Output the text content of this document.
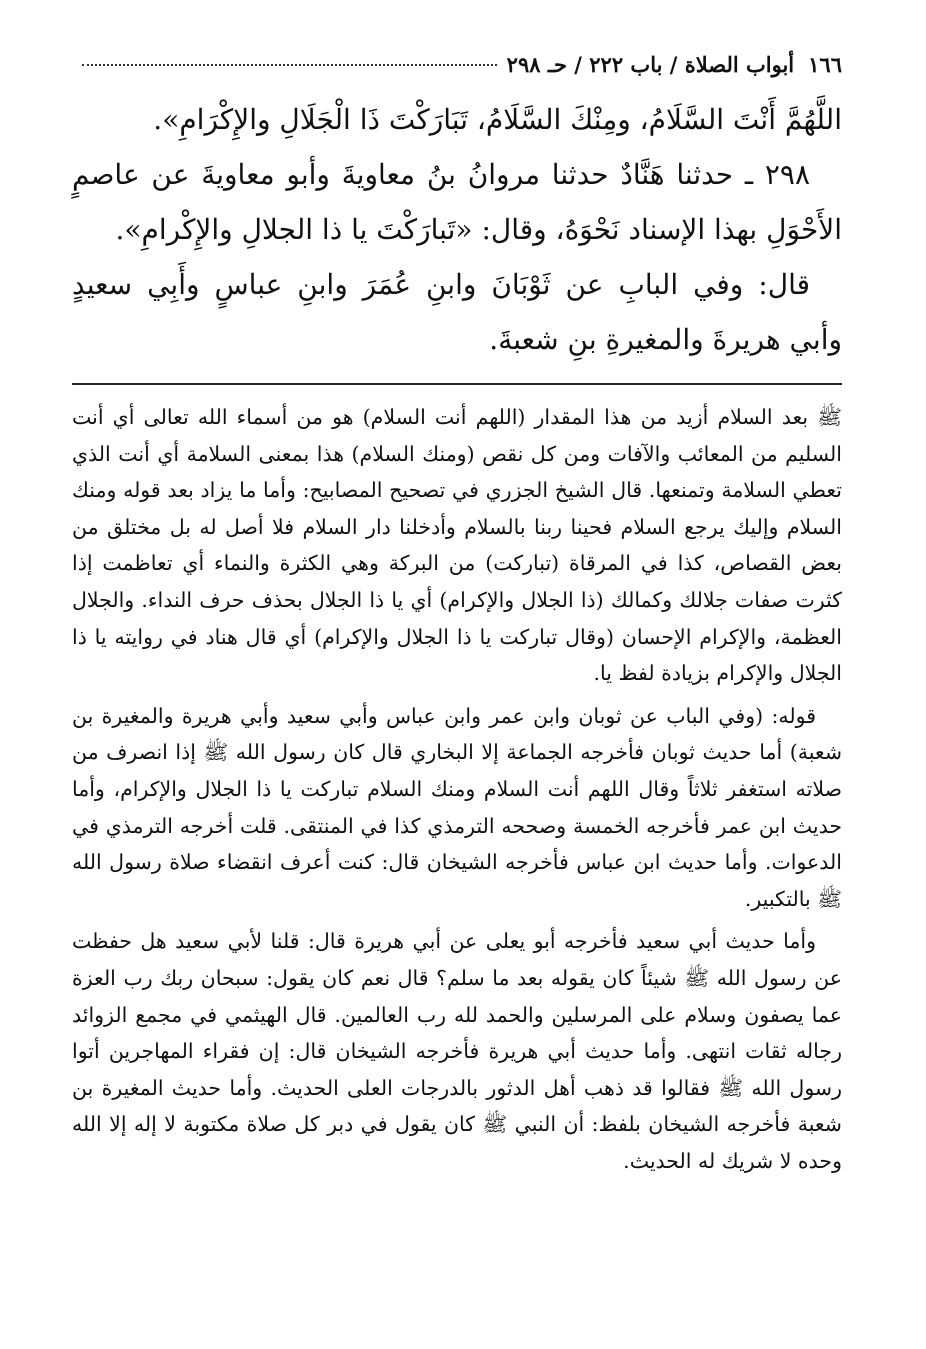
١٦٦
أبواب الصلاة / باب ٢٢٢ / حـ ٢٩٨

اللَّهُمَّ أَنْتَ السَّلَامُ، ومِنْكَ السَّلَامُ، تَبَارَكْتَ ذَا الْجَلَالِ والإِكْرَامِ».

٢٩٨ ـ حدثنا هَنَّادٌ حدثنا مروانُ بنُ معاويةَ وأبو معاويةَ عن عاصمٍ الأَحْوَلِ بهذا الإسناد نَحْوَهُ، وقال: «تَبارَكْتَ يا ذا الجلالِ والإِكْرامِ».

قال: وفي البابِ عن ثَوْبَانَ وابنِ عُمَرَ وابنِ عباسٍ وأَبِي سعيدٍ وأبي هريرةَ والمغيرةِ بنِ شعبةَ.

ﷺ بعد السلام أزيد من هذا المقدار (اللهم أنت السلام) هو من أسماء الله تعالى أي أنت السليم من المعائب والآفات ومن كل نقص (ومنك السلام) هذا بمعنى السلامة أي أنت الذي تعطي السلامة وتمنعها. قال الشيخ الجزري في تصحيح المصابيح: وأما ما يزاد بعد قوله ومنك السلام وإليك يرجع السلام فحينا ربنا بالسلام وأدخلنا دار السلام فلا أصل له بل مختلق من بعض القصاص، كذا في المرقاة (تبارکت) من البركة وهي الكثرة والنماء أي تعاظمت إذا كثرت صفات جلالك وكمالك (ذا الجلال والإكرام) أي يا ذا الجلال بحذف حرف النداء. والجلال العظمة، والإكرام الإحسان (وقال تبارکت یا ذا الجلال والإکرام) أي قال هناد في روايته يا ذا الجلال والإكرام بزيادة لفظ يا.

قوله: (وفي الباب عن ثوبان وابن عمر وابن عباس وأبي سعيد وأبي هريرة والمغيرة بن شعبة) أما حديث ثوبان فأخرجه الجماعة إلا البخاري قال كان رسول الله ﷺ إذا انصرف من صلاته استغفر ثلاثاً وقال اللهم أنت السلام ومنك السلام تبارکت يا ذا الجلال والإكرام، وأما حديث ابن عمر فأخرجه الخمسة وصححه الترمذي كذا في المنتقى. قلت أخرجه الترمذي في الدعوات. وأما حديث ابن عباس فأخرجه الشيخان قال: كنت أعرف انقضاء صلاة رسول الله ﷺ بالتكبير.

وأما حديث أبي سعيد فأخرجه أبو يعلى عن أبي هريرة قال: قلنا لأبي سعيد هل حفظت عن رسول الله ﷺ شيئاً كان يقوله بعد ما سلم؟ قال نعم كان يقول: سبحان ربك رب العزة عما يصفون وسلام على المرسلين والحمد لله رب العالمين. قال الهيثمي في مجمع الزوائد رجاله ثقات انتهى. وأما حديث أبي هريرة فأخرجه الشيخان قال: إن فقراء المهاجرين أتوا رسول الله ﷺ فقالوا قد ذهب أهل الدثور بالدرجات العلى الحديث. وأما حديث المغيرة بن شعبة فأخرجه الشيخان بلفظ: أن النبي ﷺ كان يقول في دبر كل صلاة مكتوبة لا إله إلا الله وحده لا شريك له الحديث.
